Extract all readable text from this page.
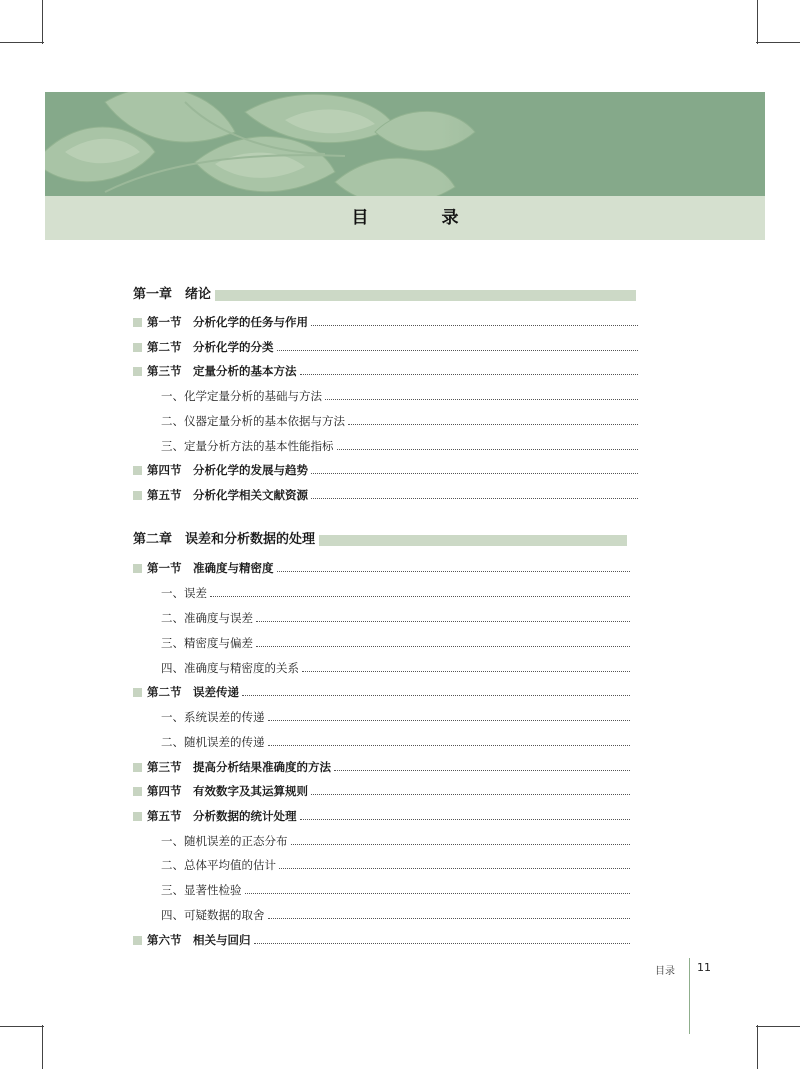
目　录
第一章　绪论
第一节　分析化学的任务与作用
第二节　分析化学的分类
第三节　定量分析的基本方法
一、化学定量分析的基础与方法
二、仪器定量分析的基本依据与方法
三、定量分析方法的基本性能指标
第四节　分析化学的发展与趋势
第五节　分析化学相关文献资源
第二章　误差和分析数据的处理
第一节　准确度与精密度
一、误差
二、准确度与误差
三、精密度与偏差
四、准确度与精密度的关系
第二节　误差传递
一、系统误差的传递
二、随机误差的传递
第三节　提高分析结果准确度的方法
第四节　有效数字及其运算规则
第五节　分析数据的统计处理
一、随机误差的正态分布
二、总体平均值的估计
三、显著性检验
四、可疑数据的取舍
第六节　相关与回归
目录 11
